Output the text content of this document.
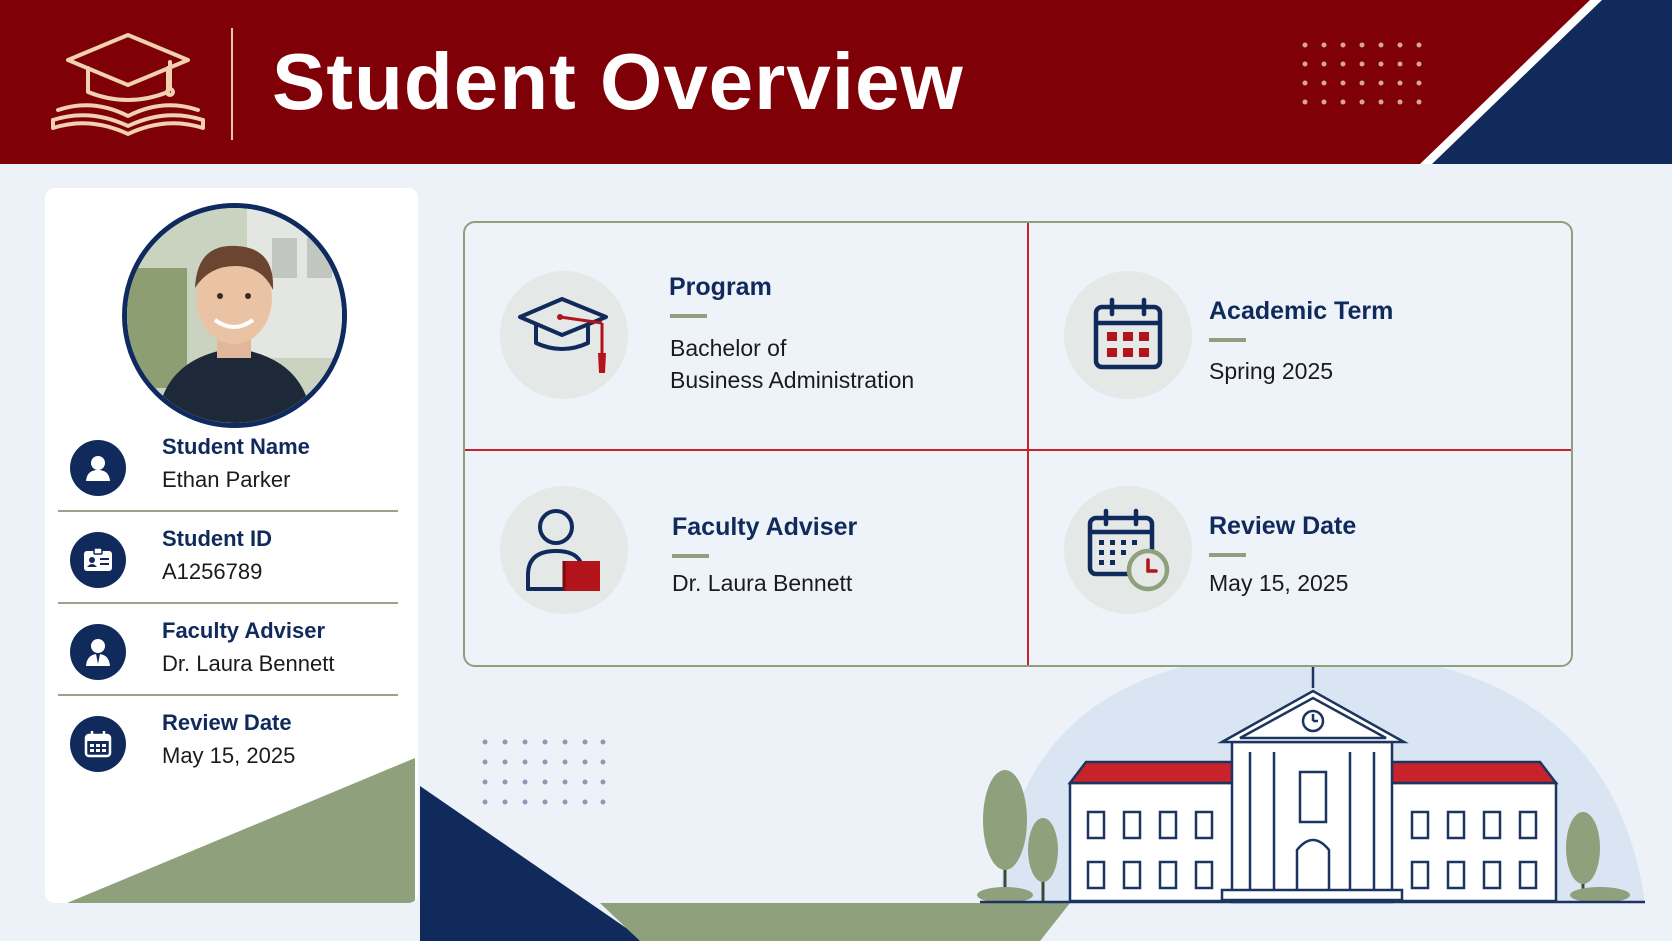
Student Overview
Student Name
Ethan Parker
Student ID
A1256789
Faculty Adviser
Dr. Laura Bennett
Review Date
May 15, 2025
Program
Bachelor of
Business Administration
Academic Term
Spring 2025
Faculty Adviser
Dr. Laura Bennett
Review Date
May 15, 2025
